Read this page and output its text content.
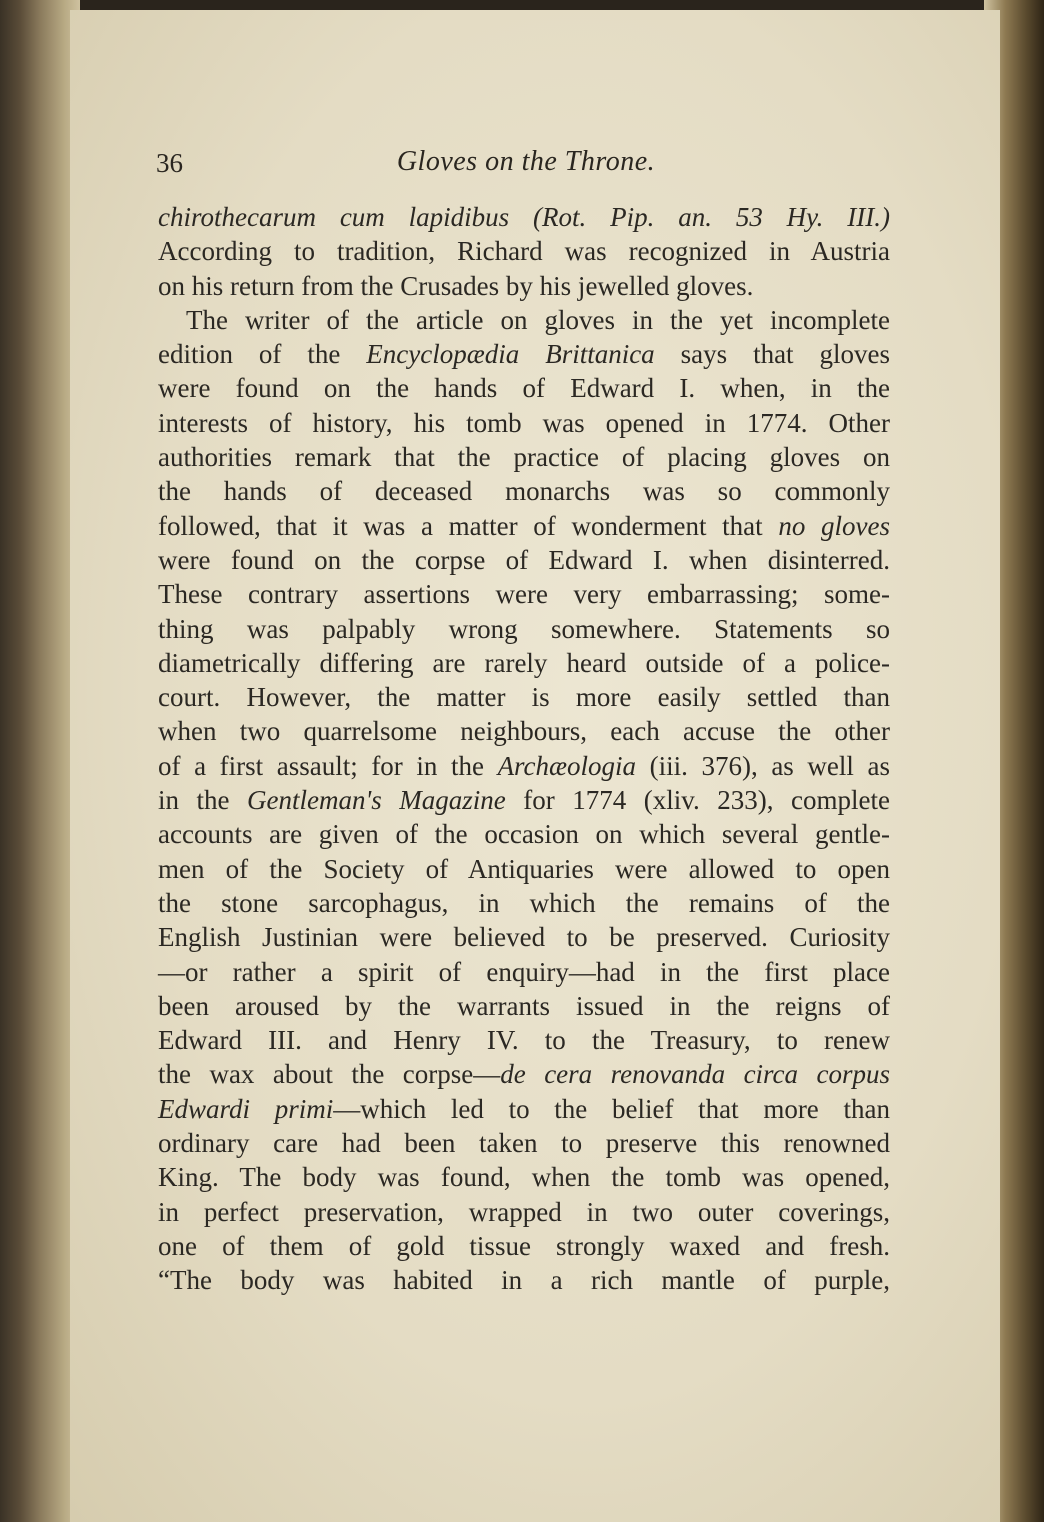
36	Gloves on the Throne.
chirothecarum cum lapidibus (Rot. Pip. an. 53 Hy. III.)
According to tradition, Richard was recognized in Austria
on his return from the Crusades by his jewelled gloves.
The writer of the article on gloves in the yet incomplete
edition of the Encyclopædia Brittanica says that gloves
were found on the hands of Edward I. when, in the
interests of history, his tomb was opened in 1774. Other
authorities remark that the practice of placing gloves on
the hands of deceased monarchs was so commonly
followed, that it was a matter of wonderment that no gloves
were found on the corpse of Edward I. when disinterred.
These contrary assertions were very embarrassing; some-
thing was palpably wrong somewhere. Statements so
diametrically differing are rarely heard outside of a police-
court. However, the matter is more easily settled than
when two quarrelsome neighbours, each accuse the other
of a first assault; for in the Archæologia (iii. 376), as well as
in the Gentleman's Magazine for 1774 (xliv. 233), complete
accounts are given of the occasion on which several gentle-
men of the Society of Antiquaries were allowed to open
the stone sarcophagus, in which the remains of the
English Justinian were believed to be preserved. Curiosity
—or rather a spirit of enquiry—had in the first place
been aroused by the warrants issued in the reigns of
Edward III. and Henry IV. to the Treasury, to renew
the wax about the corpse—de cera renovanda circa corpus
Edwardi primi—which led to the belief that more than
ordinary care had been taken to preserve this renowned
King. The body was found, when the tomb was opened,
in perfect preservation, wrapped in two outer coverings,
one of them of gold tissue strongly waxed and fresh.
“The body was habited in a rich mantle of purple,
